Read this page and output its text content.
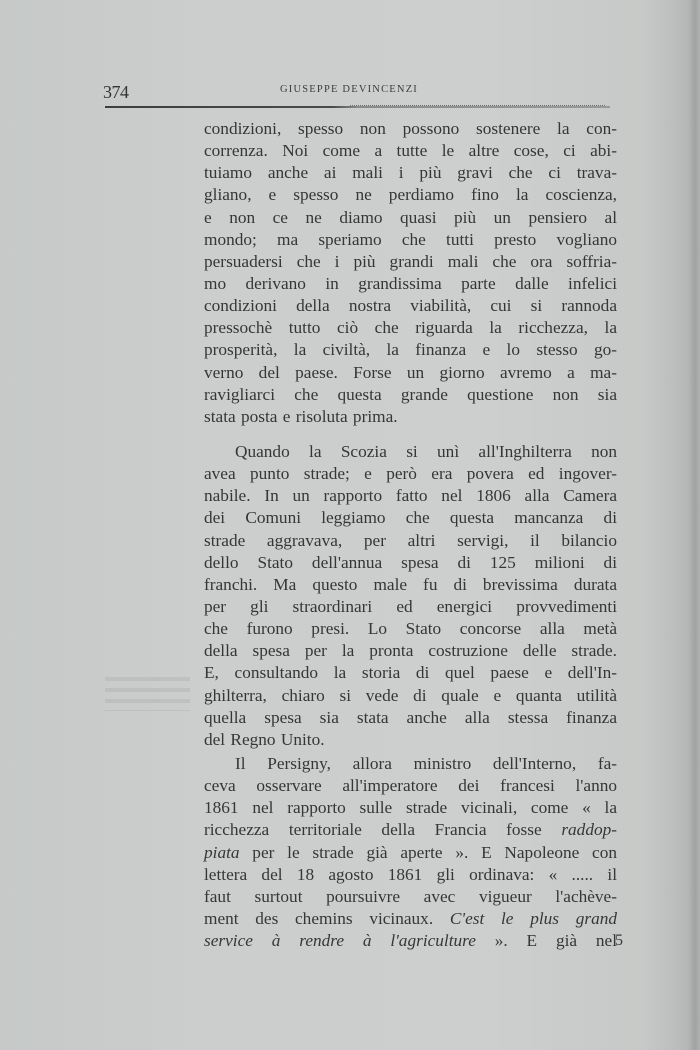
374	GIUSEPPE DEVINCENZI
condizioni, spesso non possono sostenere la con-
correnza. Noi come a tutte le altre cose, ci abi-
tuiamo anche ai mali i più gravi che ci trava-
gliano, e spesso ne perdiamo fino la coscienza,
e non ce ne diamo quasi più un pensiero al
mondo; ma speriamo che tutti presto vogliano
persuadersi che i più grandi mali che ora soffria-
mo derivano in grandissima parte dalle infelici
condizioni della nostra viabilità, cui si rannoda
pressochè tutto ciò che riguarda la ricchezza, la
prosperità, la civiltà, la finanza e lo stesso go-
verno del paese. Forse un giorno avremo a ma-
ravigliarci che questa grande questione non sia
stata posta e risoluta prima.
Quando la Scozia si unì all'Inghilterra non
avea punto strade; e però era povera ed ingover-
nabile. In un rapporto fatto nel 1806 alla Camera
dei Comuni leggiamo che questa mancanza di
strade aggravava, per altri servigi, il bilancio
dello Stato dell'annua spesa di 125 milioni di
franchi. Ma questo male fu di brevissima durata
per gli straordinari ed energici provvedimenti
che furono presi. Lo Stato concorse alla metà
della spesa per la pronta costruzione delle strade.
E, consultando la storia di quel paese e dell'In-
ghilterra, chiaro si vede di quale e quanta utilità
quella spesa sia stata anche alla stessa finanza
del Regno Unito.
Il Persigny, allora ministro dell'Interno, fa-
ceva osservare all'imperatore dei francesi l'anno
1861 nel rapporto sulle strade vicinali, come « la
ricchezza territoriale della Francia fosse raddop-
piata per le strade già aperte ». E Napoleone con
lettera del 18 agosto 1861 gli ordinava: « ..... il
faut surtout poursuivre avec vigueur l'achève-
ment des chemins vicinaux. C'est le plus grand
service à rendre à l'agriculture ». E già nel
5
